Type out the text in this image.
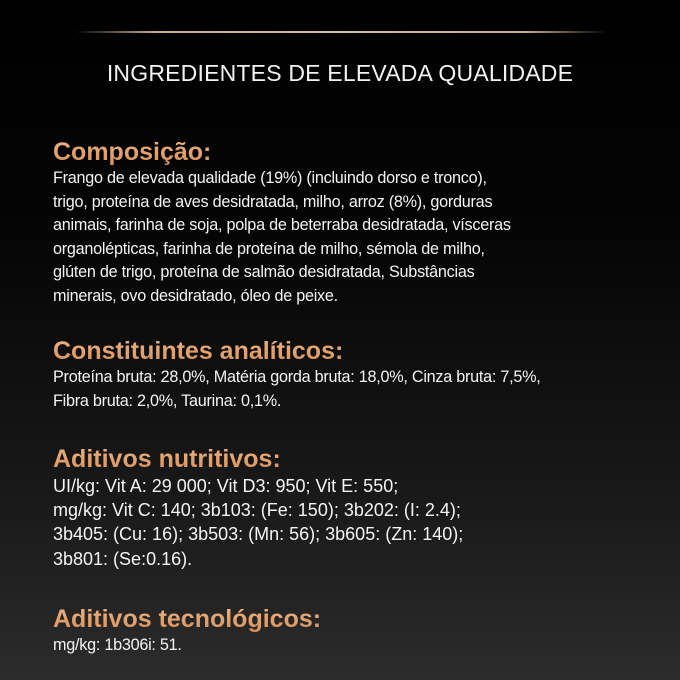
INGREDIENTES DE ELEVADA QUALIDADE
Composição:
Frango de elevada qualidade (19%) (incluindo dorso e tronco),
trigo, proteína de aves desidratada, milho, arroz (8%), gorduras
animais, farinha de soja, polpa de beterraba desidratada, vísceras
organolépticas, farinha de proteína de milho, sémola de milho,
glúten de trigo, proteína de salmão desidratada, Substâncias
minerais, ovo desidratado, óleo de peixe.
Constituintes analíticos:
Proteína bruta: 28,0%, Matéria gorda bruta: 18,0%, Cinza bruta: 7,5%,
Fibra bruta: 2,0%, Taurina: 0,1%.
Aditivos nutritivos:
UI/kg: Vit A: 29 000; Vit D3: 950; Vit E: 550;
mg/kg: Vit C: 140; 3b103: (Fe: 150); 3b202: (I: 2.4);
3b405: (Cu: 16); 3b503: (Mn: 56); 3b605: (Zn: 140);
3b801: (Se:0.16).
Aditivos tecnológicos:
mg/kg: 1b306i: 51.
